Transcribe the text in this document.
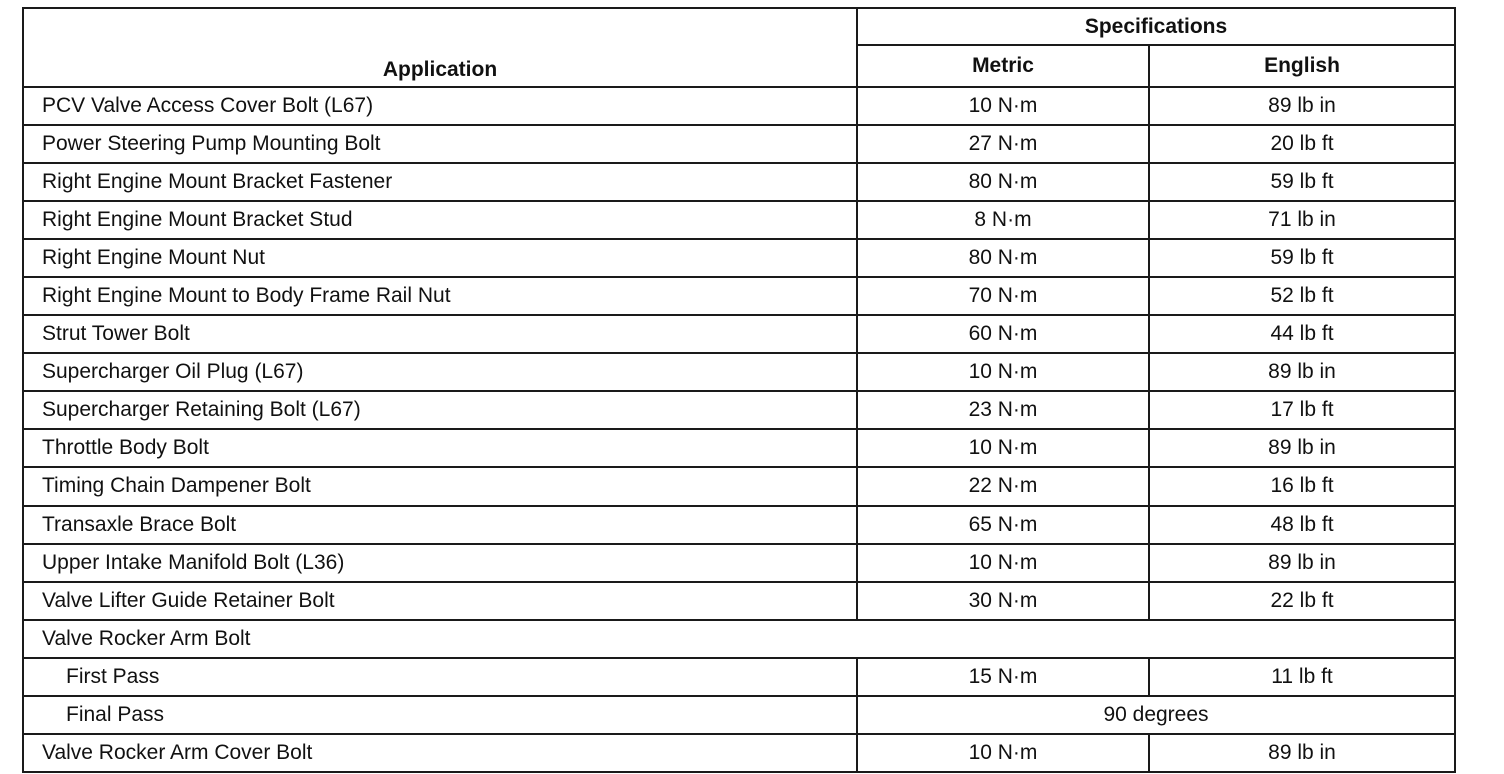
Application	Specifications	
	Metric	English
PCV Valve Access Cover Bolt (L67)	10 N·m	89 lb in
Power Steering Pump Mounting Bolt	27 N·m	20 lb ft
Right Engine Mount Bracket Fastener	80 N·m	59 lb ft
Right Engine Mount Bracket Stud	8 N·m	71 lb in
Right Engine Mount Nut	80 N·m	59 lb ft
Right Engine Mount to Body Frame Rail Nut	70 N·m	52 lb ft
Strut Tower Bolt	60 N·m	44 lb ft
Supercharger Oil Plug (L67)	10 N·m	89 lb in
Supercharger Retaining Bolt (L67)	23 N·m	17 lb ft
Throttle Body Bolt	10 N·m	89 lb in
Timing Chain Dampener Bolt	22 N·m	16 lb ft
Transaxle Brace Bolt	65 N·m	48 lb ft
Upper Intake Manifold Bolt (L36)	10 N·m	89 lb in
Valve Lifter Guide Retainer Bolt	30 N·m	22 lb ft
Valve Rocker Arm Bolt		
First Pass	15 N·m	11 lb ft
Final Pass	90 degrees	
Valve Rocker Arm Cover Bolt	10 N·m	89 lb in
